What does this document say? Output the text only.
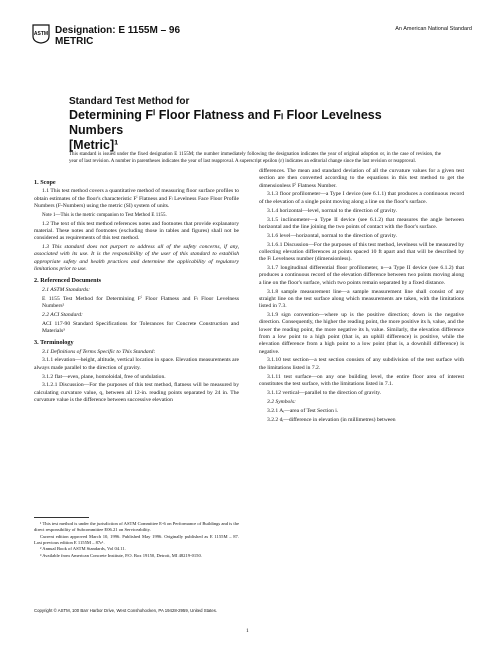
ASTM Designation: E 1155M – 96
METRIC
An American National Standard
Standard Test Method for
Determining Fⁱ Floor Flatness and Fₗ Floor Levelness Numbers
[Metric]¹
This standard is issued under the fixed designation E 1155M; the number immediately following the designation indicates the year of original adoption or, in the case of revision, the year of last revision. A number in parentheses indicates the year of last reapproval. A superscript epsilon (ε) indicates an editorial change since the last revision or reapproval.
1. Scope

1.1 This test method covers a quantitative method of measuring floor surface profiles to obtain estimates of the floor's characteristic Fⁱ Flatness and Fₗ Levelness Face Floor Profile Numbers (F-Numbers) using the metric (SI) system of units.

Note 1—This is the metric companion to Test Method E 1155.

1.2 The text of this test method references notes and footnotes that provide explanatory material. These notes and footnotes (excluding those in tables and figures) shall not be considered as requirements of this test method.

1.3 This standard does not purport to address all of the safety concerns, if any, associated with its use. It is the responsibility of the user of this standard to establish appropriate safety and health practices and determine the applicability of regulatory limitations prior to use.

2. Referenced Documents

2.1 ASTM Standards:

E 1155 Test Method for Determining Fⁱ Floor Flatness and Fₗ Floor Levelness Numbers²

2.2 ACI Standard:

ACI 117-90 Standard Specifications for Tolerances for Concrete Construction and Materials³

3. Terminology

3.1 Definitions of Terms Specific to This Standard:

3.1.1 elevation—height, altitude, vertical location in space. Elevation measurements are always made parallel to the direction of gravity.

3.1.2 flat—even, plane, homoloidal, free of undulation.

3.1.2.1 Discussion—For the purposes of this test method, flatness will be measured by calculating curvature value, q, between all 12-in. reading points separated by 24 in. The curvature value is the difference between successive elevation

¹ This test method is under the jurisdiction of ASTM Committee E-6 on Performance of Buildings and is the direct responsibility of Subcommittee E06.21 on Serviceability.

Current edition approved March 10, 1996. Published May 1996. Originally published as E 1155M – 87. Last previous edition E 1155M – 87ε¹.

² Annual Book of ASTM Standards, Vol 04.11.

³ Available from American Concrete Institute, P.O. Box 19150, Detroit, MI 48219-0150.

differences. The mean and standard deviation of all the curvature values for a given test section are then converted according to the equations in this test method to get the dimensionless Fⁱ Flatness Number.

3.1.3 floor profilometer—a Type I device (see 6.1.1) that produces a continuous record of the elevation of a single point moving along a line on the floor's surface.

3.1.4 horizontal—level, normal to the direction of gravity.

3.1.5 inclinometer—a Type II device (see 6.1.2) that measures the angle between horizontal and the line joining the two points of contact with the floor's surface.

3.1.6 level—horizontal, normal to the direction of gravity.

3.1.6.1 Discussion—For the purposes of this test method, levelness will be measured by collecting elevation differences at points spaced 10 ft apart and that will be described by the Fₗ Levelness number (dimensionless).

3.1.7 longitudinal differential floor profilometer, n—a Type II device (see 6.1.2) that produces a continuous record of the elevation difference between two points moving along a line on the floor's surface, which two points remain separated by a fixed distance.

3.1.8 sample measurement line—a sample measurement line shall consist of any straight line on the test surface along which measurements are taken, with the limitations listed in 7.3.

3.1.9 sign convention—where up is the positive direction; down is the negative direction. Consequently, the higher the reading point, the more positive its hᵢ value, and the lower the reading point, the more negative its hᵢ value. Similarly, the elevation difference from a low point to a high point (that is, an uphill difference) is positive, while the elevation difference from a high point to a low point (that is, a downhill difference) is negative.

3.1.10 test section—a test section consists of any subdivision of the test surface with the limitations listed in 7.2.

3.1.11 test surface—on any one building level, the entire floor area of interest constitutes the test surface, with the limitations listed in 7.1.

3.1.12 vertical—parallel to the direction of gravity.

3.2 Symbols:

3.2.1 Aᵢ—area of Test Section i.

3.2.2 dᵢ—difference in elevation (in millimetres) between

Copyright © ASTM, 100 Barr Harbor Drive, West Conshohocken, PA 19428-2959, United States.
1
